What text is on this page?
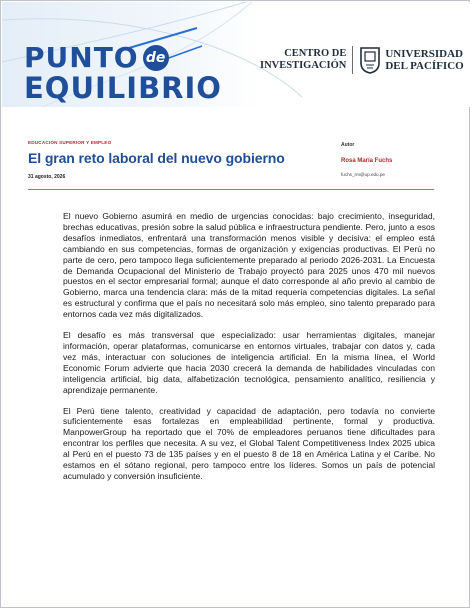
PUNTO de
EQUILIBRIO
CENTRO DE
INVESTIGACIÓN
UNIVERSIDAD
DEL PACÍFICO
EDUCACIÓN SUPERIOR Y EMPLEO
El gran reto laboral del nuevo gobierno
31 agosto, 2026
Autor
Rosa María Fuchs
fuchs_rm@up.edu.pe

El nuevo Gobierno asumirá en medio de urgencias conocidas: bajo crecimiento, inseguridad, brechas educativas, presión sobre la salud pública e infraestructura pendiente. Pero, junto a esos desafíos inmediatos, enfrentará una transformación menos visible y decisiva: el empleo está cambiando en sus competencias, formas de organización y exigencias productivas. El Perú no parte de cero, pero tampoco llega suficientemente preparado al periodo 2026-2031. La Encuesta de Demanda Ocupacional del Ministerio de Trabajo proyectó para 2025 unos 470 mil nuevos puestos en el sector empresarial formal; aunque el dato corresponde al año previo al cambio de Gobierno, marca una tendencia clara: más de la mitad requería competencias digitales. La señal es estructural y confirma que el país no necesitará solo más empleo, sino talento preparado para entornos cada vez más digitalizados.

El desafío es más transversal que especializado: usar herramientas digitales, manejar información, operar plataformas, comunicarse en entornos virtuales, trabajar con datos y, cada vez más, interactuar con soluciones de inteligencia artificial. En la misma línea, el World Economic Forum advierte que hacia 2030 crecerá la demanda de habilidades vinculadas con inteligencia artificial, big data, alfabetización tecnológica, pensamiento analítico, resiliencia y aprendizaje permanente.

El Perú tiene talento, creatividad y capacidad de adaptación, pero todavía no convierte suficientemente esas fortalezas en empleabilidad pertinente, formal y productiva. ManpowerGroup ha reportado que el 70% de empleadores peruanos tiene dificultades para encontrar los perfiles que necesita. A su vez, el Global Talent Competitiveness Index 2025 ubica al Perú en el puesto 73 de 135 países y en el puesto 8 de 18 en América Latina y el Caribe. No estamos en el sótano regional, pero tampoco entre los líderes. Somos un país de potencial acumulado y conversión insuficiente.
